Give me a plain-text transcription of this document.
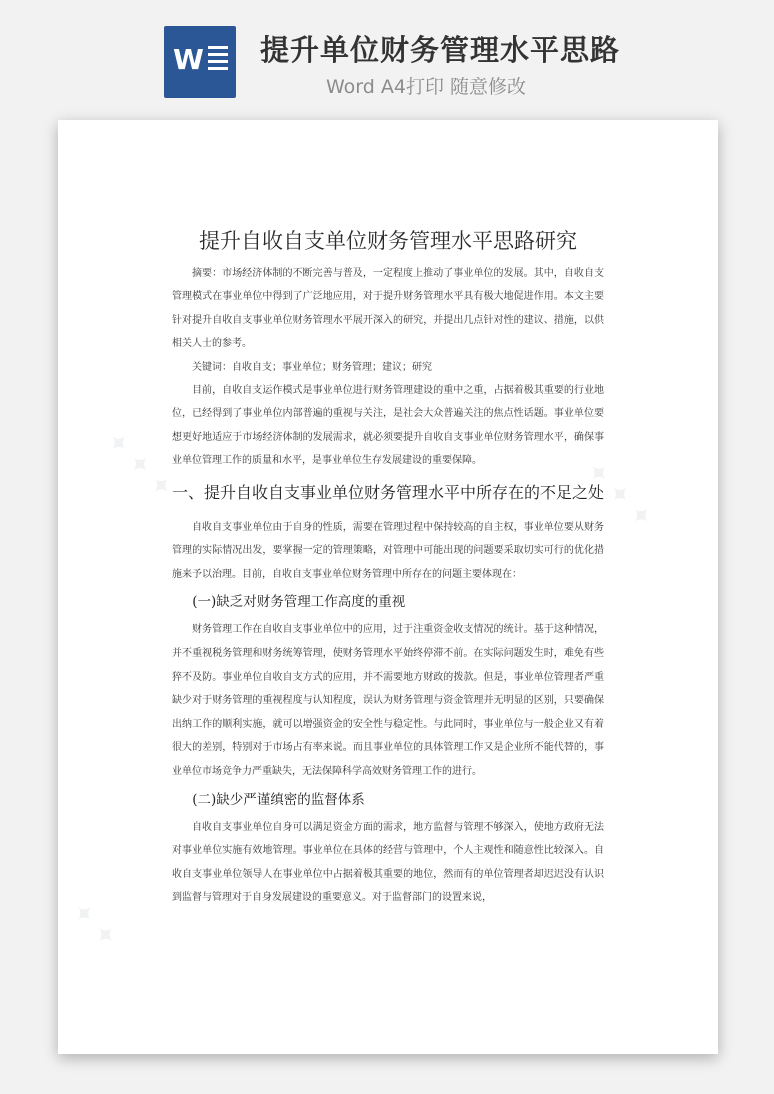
W 提升单位财务管理水平思路
Word A4打印 随意修改
✦ ✦ ✦	✦ ✦ ✦
✦ ✦
提升自收自支单位财务管理水平思路研究

摘要：市场经济体制的不断完善与普及，一定程度上推动了事业单位的发展。其中，自收自支管理模式在事业单位中得到了广泛地应用，对于提升财务管理水平具有极大地促进作用。本文主要针对提升自收自支事业单位财务管理水平展开深入的研究，并提出几点针对性的建议、措施，以供相关人士的参考。

关键词：自收自支；事业单位；财务管理；建议；研究

目前，自收自支运作模式是事业单位进行财务管理建设的重中之重，占据着极其重要的行业地位，已经得到了事业单位内部普遍的重视与关注，是社会大众普遍关注的焦点性话题。事业单位要想更好地适应于市场经济体制的发展需求，就必须要提升自收自支事业单位财务管理水平，确保事业单位管理工作的质量和水平，是事业单位生存发展建设的重要保障。

一、提升自收自支事业单位财务管理水平中所存在的不足之处

自收自支事业单位由于自身的性质，需要在管理过程中保持较高的自主权，事业单位要从财务管理的实际情况出发，要掌握一定的管理策略，对管理中可能出现的问题要采取切实可行的优化措施来予以治理。目前，自收自支事业单位财务管理中所存在的问题主要体现在：

(一)缺乏对财务管理工作高度的重视

财务管理工作在自收自支事业单位中的应用，过于注重资金收支情况的统计。基于这种情况，并不重视税务管理和财务统筹管理，使财务管理水平始终停滞不前。在实际问题发生时，难免有些猝不及防。事业单位自收自支方式的应用，并不需要地方财政的拨款。但是，事业单位管理者严重缺少对于财务管理的重视程度与认知程度，误认为财务管理与资金管理并无明显的区别，只要确保出纳工作的顺利实施，就可以增强资金的安全性与稳定性。与此同时，事业单位与一般企业又有着很大的差别，特别对于市场占有率来说。而且事业单位的具体管理工作又是企业所不能代替的，事业单位市场竞争力严重缺失，无法保障科学高效财务管理工作的进行。

(二)缺少严谨缜密的监督体系

自收自支事业单位自身可以满足资金方面的需求，地方监督与管理不够深入，使地方政府无法对事业单位实施有效地管理。事业单位在具体的经营与管理中，个人主观性和随意性比较深入。自收自支事业单位领导人在事业单位中占据着极其重要的地位，然而有的单位管理者却迟迟没有认识到监督与管理对于自身发展建设的重要意义。对于监督部门的设置来说，
